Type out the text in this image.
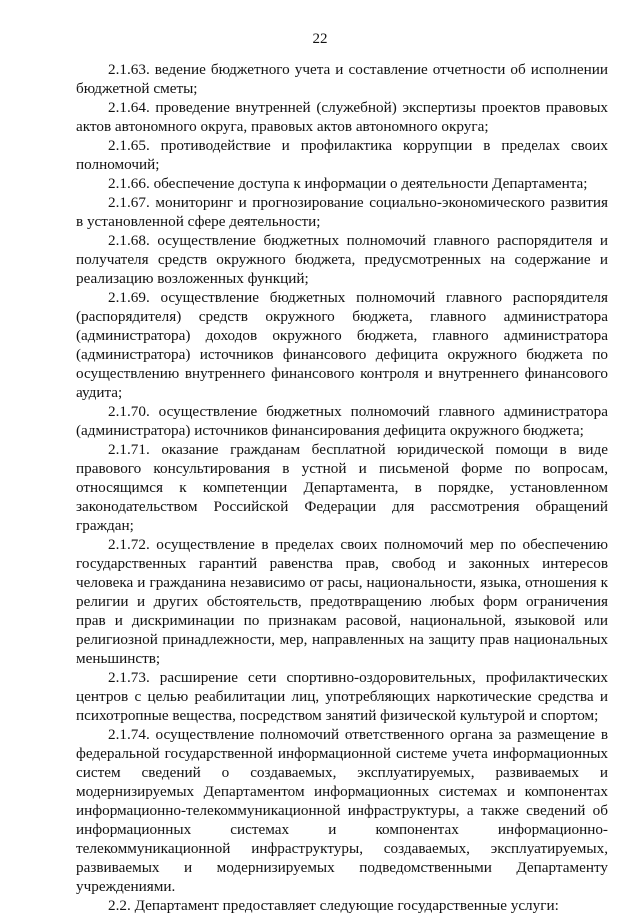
22

2.1.63. ведение бюджетного учета и составление отчетности об исполнении бюджетной сметы;

2.1.64. проведение внутренней (служебной) экспертизы проектов правовых актов автономного округа, правовых актов автономного округа;

2.1.65. противодействие и профилактика коррупции в пределах своих полномочий;

2.1.66. обеспечение доступа к информации о деятельности Департамента;

2.1.67. мониторинг и прогнозирование социально-экономического развития в установленной сфере деятельности;

2.1.68. осуществление бюджетных полномочий главного распорядителя и получателя средств окружного бюджета, предусмотренных на содержание и реализацию возложенных функций;

2.1.69. осуществление бюджетных полномочий главного распорядителя (распорядителя) средств окружного бюджета, главного администратора (администратора) доходов окружного бюджета, главного администратора (администратора) источников финансового дефицита окружного бюджета по осуществлению внутреннего финансового контроля и внутреннего финансового аудита;

2.1.70. осуществление бюджетных полномочий главного администратора (администратора) источников финансирования дефицита окружного бюджета;

2.1.71. оказание гражданам бесплатной юридической помощи в виде правового консультирования в устной и письменой форме по вопросам, относящимся к компетенции Департамента, в порядке, установленном законодательством Российской Федерации для рассмотрения обращений граждан;

2.1.72. осуществление в пределах своих полномочий мер по обеспечению государственных гарантий равенства прав, свобод и законных интересов человека и гражданина независимо от расы, национальности, языка, отношения к религии и других обстоятельств, предотвращению любых форм ограничения прав и дискриминации по признакам расовой, национальной, языковой или религиозной принадлежности, мер, направленных на защиту прав национальных меньшинств;

2.1.73. расширение сети спортивно-оздоровительных, профилактических центров с целью реабилитации лиц, употребляющих наркотические средства и психотропные вещества, посредством занятий физической культурой и спортом;

2.1.74. осуществление полномочий ответственного органа за размещение в федеральной государственной информационной системе учета информационных систем сведений о создаваемых, эксплуатируемых, развиваемых и модернизируемых Департаментом информационных системах и компонентах информационно-телекоммуникационной инфраструктуры, а также сведений об информационных системах и компонентах информационно-телекоммуникационной инфраструктуры, создаваемых, эксплуатируемых, развиваемых и модернизируемых подведомственными Департаменту учреждениями.

2.2. Департамент предоставляет следующие государственные услуги:
